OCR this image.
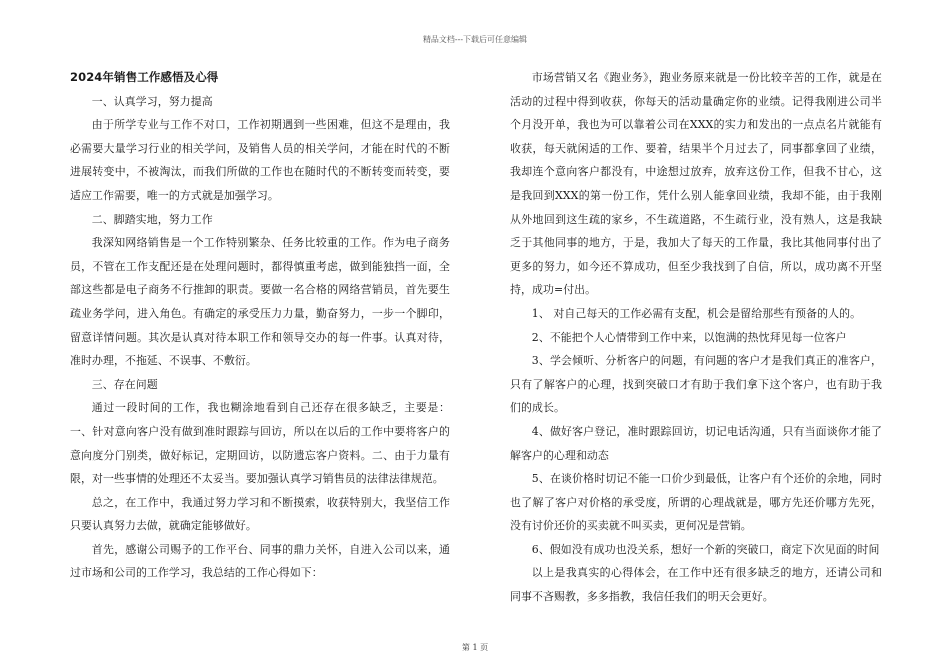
精品文档---下载后可任意编辑

2024年销售工作感悟及心得

一、认真学习，努力提高

由于所学专业与工作不对口，工作初期遇到一些困难，但这不是理由，我必需要大量学习行业的相关学问，及销售人员的相关学问，才能在时代的不断进展转变中，不被淘汰，而我们所做的工作也在随时代的不断转变而转变，要适应工作需要，唯一的方式就是加强学习。

二、脚踏实地，努力工作

我深知网络销售是一个工作特别繁杂、任务比较重的工作。作为电子商务员，不管在工作支配还是在处理问题时，都得慎重考虑，做到能独挡一面，全部这些都是电子商务不行推卸的职责。要做一名合格的网络营销员，首先要生疏业务学问，进入角色。有确定的承受压力力量，勤奋努力，一步一个脚印，留意详情问题。其次是认真对待本职工作和领导交办的每一件事。认真对待，准时办理，不拖延、不误事、不敷衍。

三、存在问题

通过一段时间的工作，我也糊涂地看到自己还存在很多缺乏，主要是：一、针对意向客户没有做到准时跟踪与回访，所以在以后的工作中要将客户的意向度分门别类，做好标记，定期回访，以防遗忘客户资料。二、由于力量有限，对一些事情的处理还不太妥当。要加强认真学习销售员的法律法律规范。

总之，在工作中，我通过努力学习和不断摸索，收获特别大，我坚信工作只要认真努力去做，就确定能够做好。

首先，感谢公司赐予的工作平台、同事的鼎力关怀，自进入公司以来，通过市场和公司的工作学习，我总结的工作心得如下：

市场营销又名《跑业务》，跑业务原来就是一份比较辛苦的工作，就是在活动的过程中得到收获，你每天的活动量确定你的业绩。记得我刚进公司半个月没开单，我也为可以靠着公司在XXX的实力和发出的一点点名片就能有收获，每天就闲适的工作、要着，结果半个月过去了，同事都拿回了业绩，我却连个意向客户都没有，中途想过放弃，放弃这份工作，但我不甘心，这是我回到XXX的第一份工作，凭什么别人能拿回业绩，我却不能，由于我刚从外地回到这生疏的家乡，不生疏道路，不生疏行业，没有熟人，这是我缺乏于其他同事的地方，于是，我加大了每天的工作量，我比其他同事付出了更多的努力，如今还不算成功，但至少我找到了自信，所以，成功离不开坚持，成功=付出。

1、 对自己每天的工作必需有支配，机会是留给那些有预备的人的。

2、不能把个人心情带到工作中来，以饱满的热忱拜见每一位客户

3、学会倾听、分析客户的问题，有问题的客户才是我们真正的准客户，只有了解客户的心理，找到突破口才有助于我们拿下这个客户，也有助于我们的成长。

4、做好客户登记，准时跟踪回访，切记电话沟通，只有当面谈你才能了解客户的心理和动态

5、在谈价格时切记不能一口价少到最低，让客户有个还价的余地，同时也了解了客户对价格的承受度，所谓的心理战就是，哪方先还价哪方先死，没有讨价还价的买卖就不叫买卖，更何况是营销。

6、假如没有成功也没关系，想好一个新的突破口，商定下次见面的时间

以上是我真实的心得体会，在工作中还有很多缺乏的地方，还请公司和同事不吝赐教，多多指教，我信任我们的明天会更好。

第 1 页
